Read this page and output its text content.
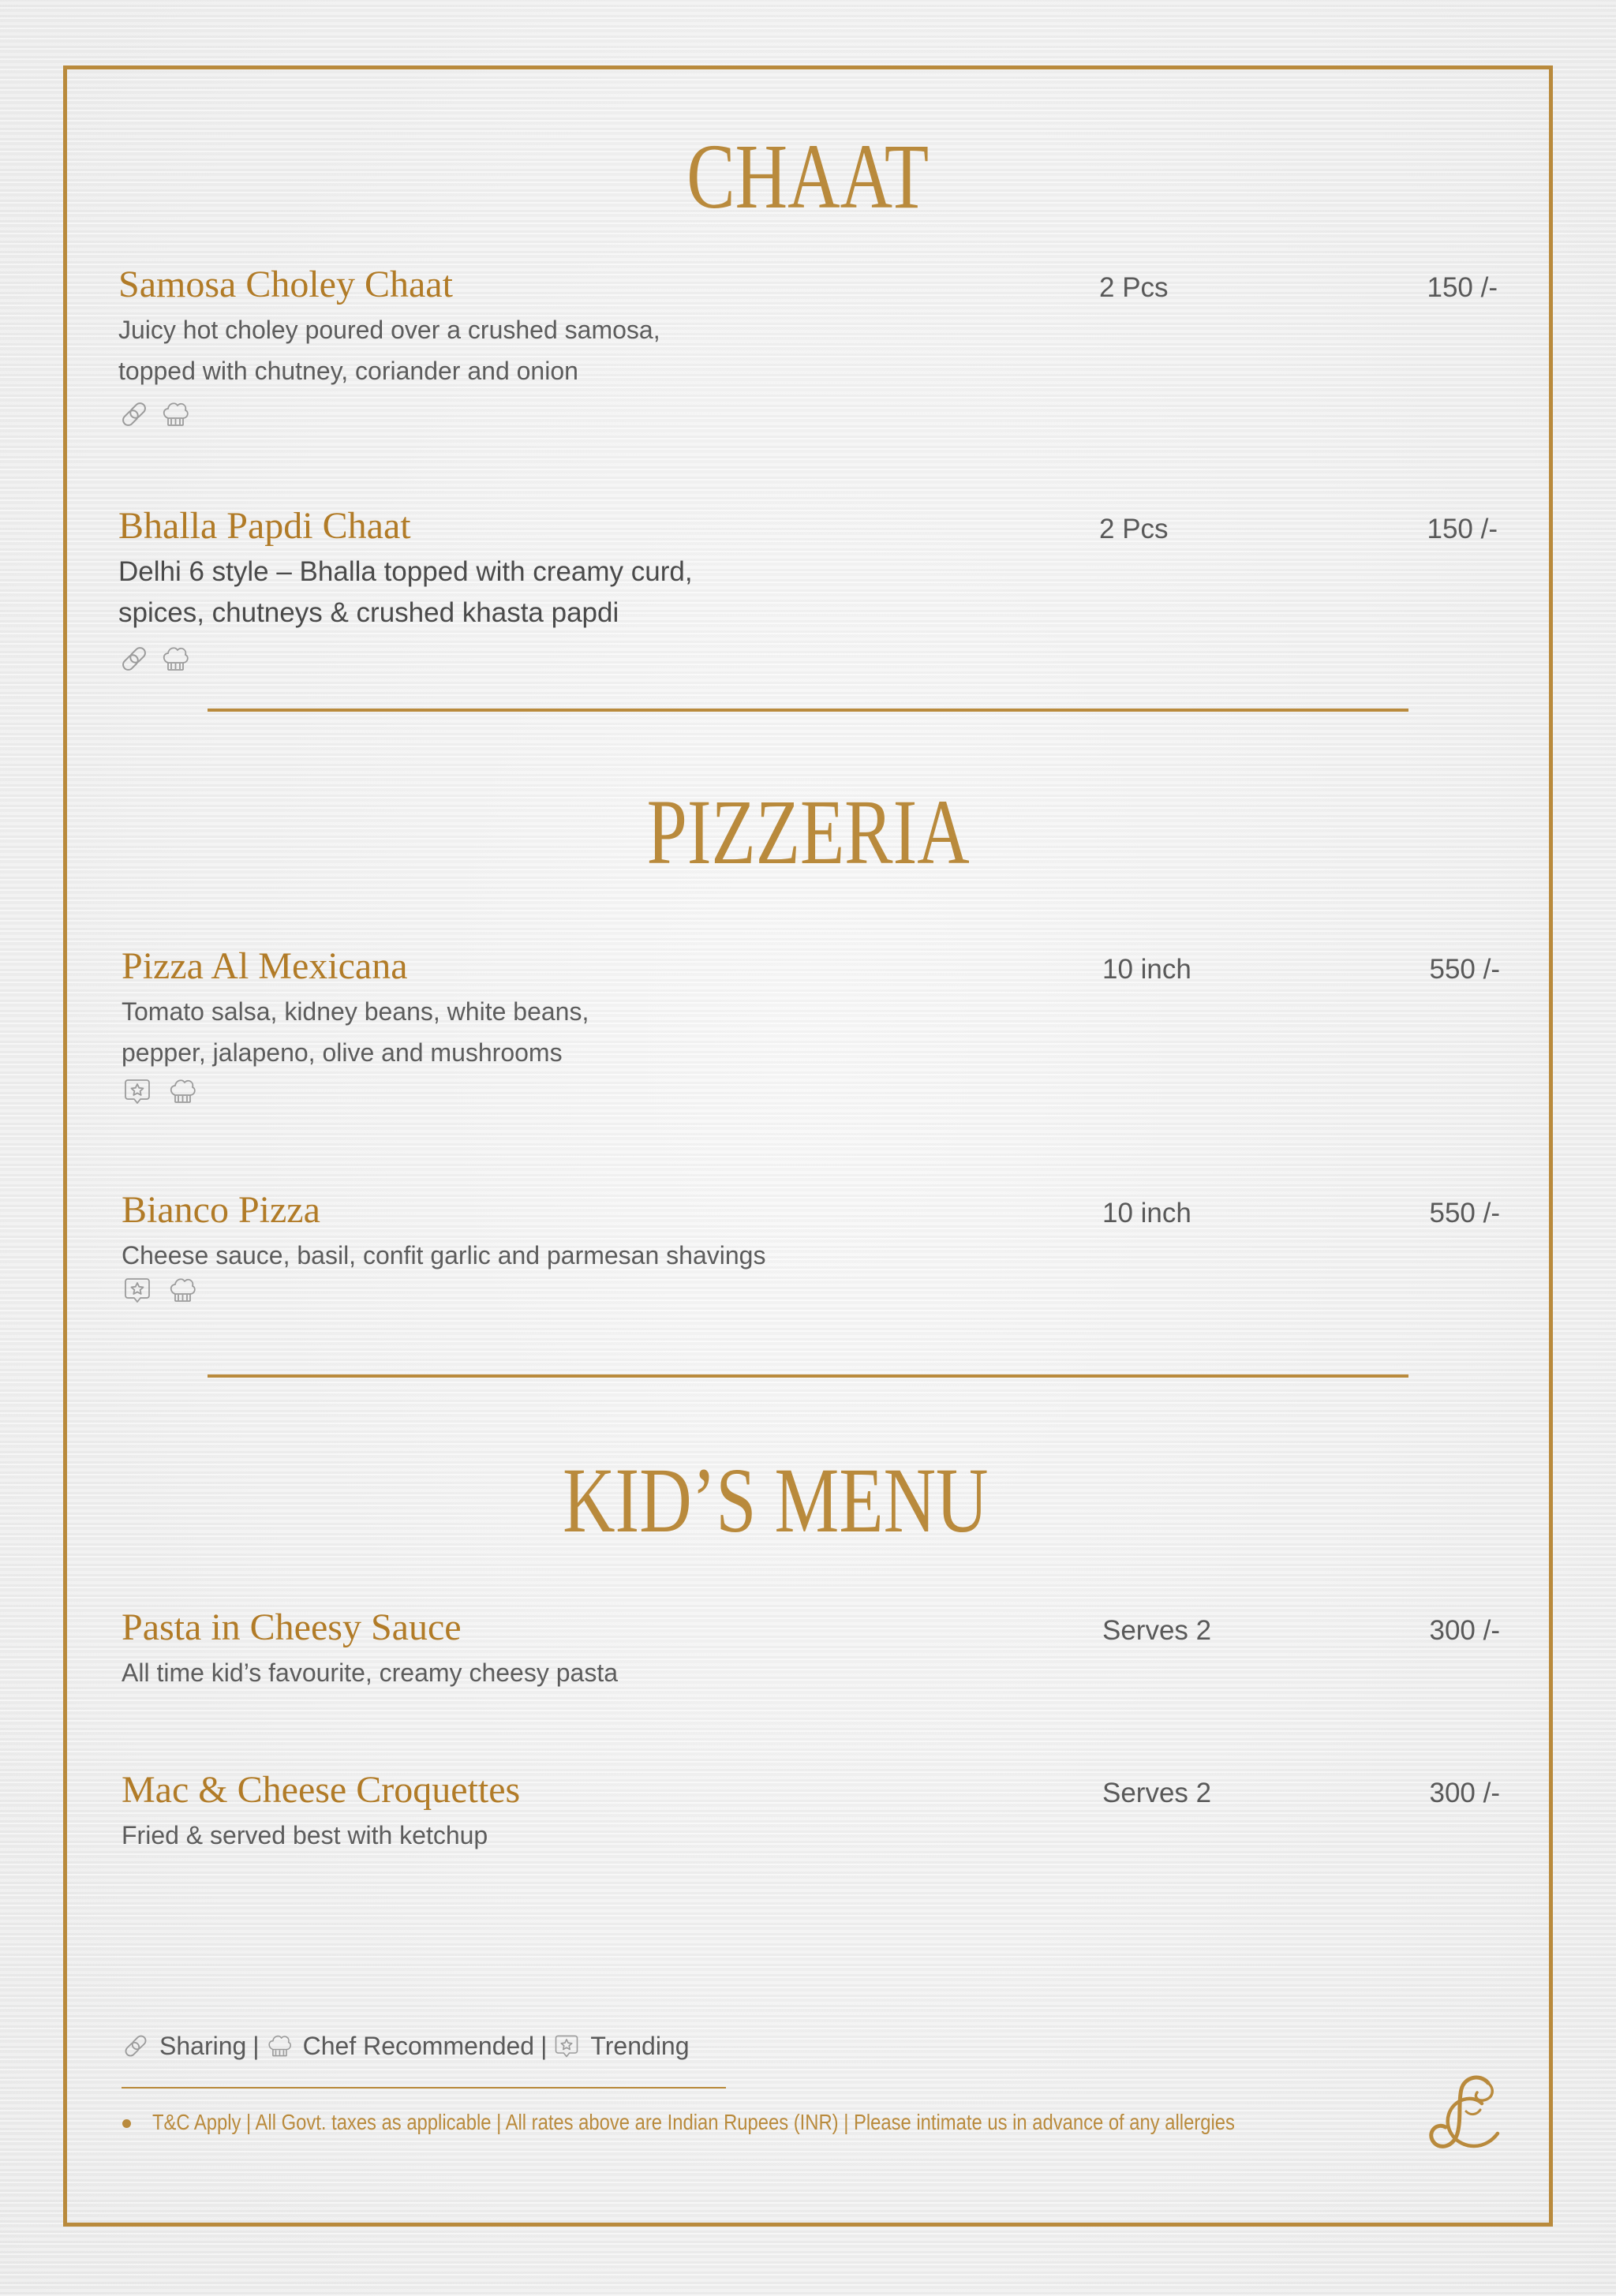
CHAAT
Samosa Choley Chaat	2 Pcs	150 /-
Juicy hot choley poured over a crushed samosa,
topped with chutney, coriander and onion
Bhalla Papdi Chaat	2 Pcs	150 /-
Delhi 6 style – Bhalla topped with creamy curd,
spices, chutneys & crushed khasta papdi
PIZZERIA
Pizza Al Mexicana	10 inch	550 /-
Tomato salsa, kidney beans, white beans,
pepper, jalapeno, olive and mushrooms
Bianco Pizza	10 inch	550 /-
Cheese sauce, basil, confit garlic and parmesan shavings
KID’S MENU
Pasta in Cheesy Sauce	Serves 2	300 /-
All time kid’s favourite, creamy cheesy pasta
Mac & Cheese Croquettes	Serves 2	300 /-
Fried & served best with ketchup
Sharing | Chef Recommended | Trending
T&C Apply | All Govt. taxes as applicable | All rates above are Indian Rupees (INR) | Please intimate us in advance of any allergies
